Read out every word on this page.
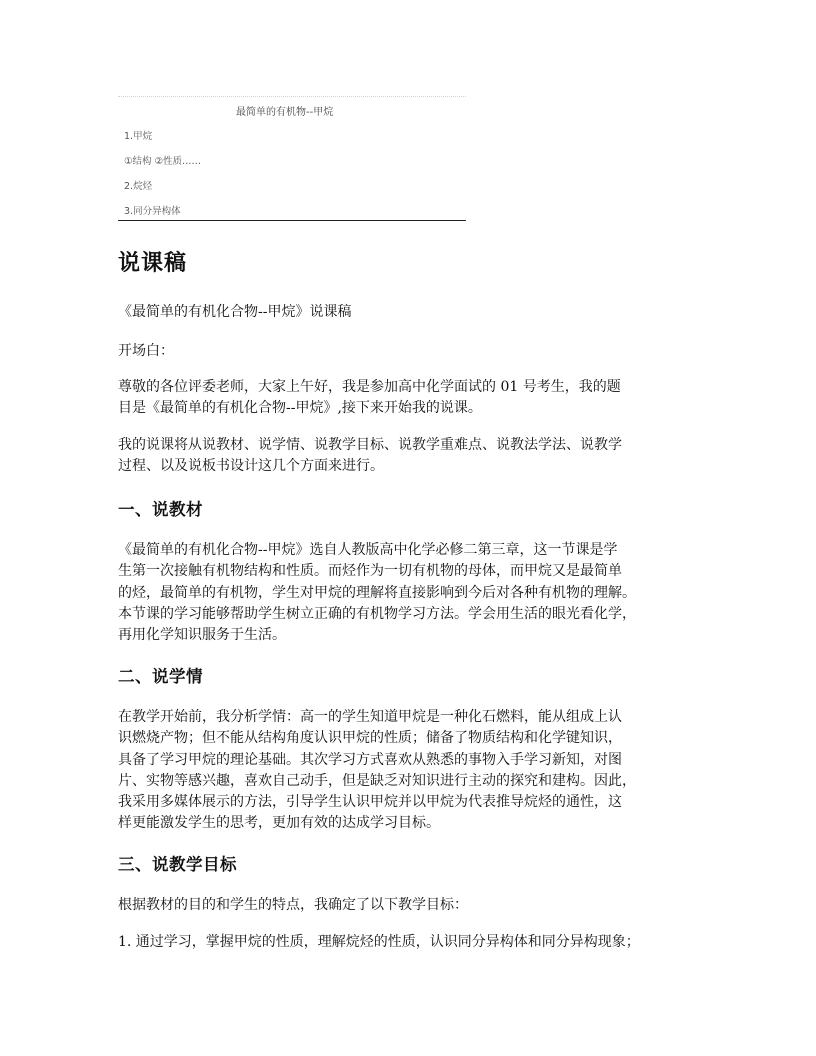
最简单的有机物--甲烷
1.甲烷
①结构 ②性质……
2.烷烃
3.同分异构体
说课稿

《最简单的有机化合物--甲烷》说课稿

开场白：

尊敬的各位评委老师，大家上午好，我是参加高中化学面试的 01 号考生，我的题
目是《最简单的有机化合物--甲烷》,接下来开始我的说课。

我的说课将从说教材、说学情、说教学目标、说教学重难点、说教法学法、说教学
过程、以及说板书设计这几个方面来进行。

一、说教材

《最简单的有机化合物--甲烷》选自人教版高中化学必修二第三章，这一节课是学
生第一次接触有机物结构和性质。而烃作为一切有机物的母体，而甲烷又是最简单
的烃，最简单的有机物，学生对甲烷的理解将直接影响到今后对各种有机物的理解。
本节课的学习能够帮助学生树立正确的有机物学习方法。学会用生活的眼光看化学，
再用化学知识服务于生活。

二、说学情

在教学开始前，我分析学情：高一的学生知道甲烷是一种化石燃料，能从组成上认
识燃烧产物；但不能从结构角度认识甲烷的性质；储备了物质结构和化学键知识，
具备了学习甲烷的理论基础。其次学习方式喜欢从熟悉的事物入手学习新知，对图
片、实物等感兴趣，喜欢自己动手，但是缺乏对知识进行主动的探究和建构。因此，
我采用多媒体展示的方法，引导学生认识甲烷并以甲烷为代表推导烷烃的通性，这
样更能激发学生的思考，更加有效的达成学习目标。

三、说教学目标

根据教材的目的和学生的特点，我确定了以下教学目标：

1. 通过学习，掌握甲烷的性质，理解烷烃的性质，认识同分异构体和同分异构现象；
